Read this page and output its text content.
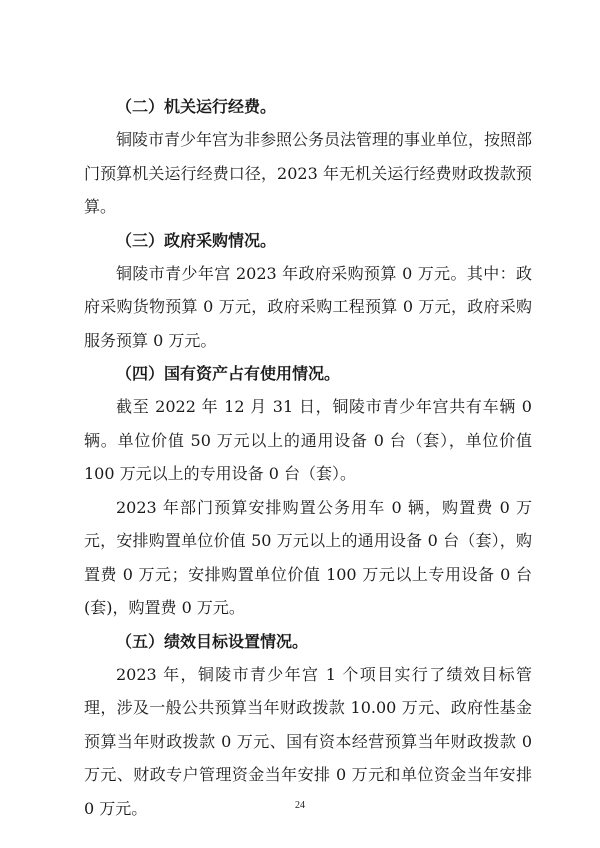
（二）机关运行经费。

铜陵市青少年宫为非参照公务员法管理的事业单位，按照部门预算机关运行经费口径，2023 年无机关运行经费财政拨款预算。

（三）政府采购情况。

铜陵市青少年宫 2023 年政府采购预算 0 万元。其中：政府采购货物预算 0 万元，政府采购工程预算 0 万元，政府采购服务预算 0 万元。

（四）国有资产占有使用情况。

截至 2022 年 12 月 31 日，铜陵市青少年宫共有车辆 0 辆。单位价值 50 万元以上的通用设备 0 台（套），单位价值 100 万元以上的专用设备 0 台（套）。

2023 年部门预算安排购置公务用车 0 辆，购置费 0 万元，安排购置单位价值 50 万元以上的通用设备 0 台（套），购置费 0 万元；安排购置单位价值 100 万元以上专用设备 0 台(套)，购置费 0 万元。

（五）绩效目标设置情况。

2023 年，铜陵市青少年宫 1 个项目实行了绩效目标管理，涉及一般公共预算当年财政拨款 10.00 万元、政府性基金预算当年财政拨款 0 万元、国有资本经营预算当年财政拨款 0 万元、财政专户管理资金当年安排 0 万元和单位资金当年安排 0 万元。	24
